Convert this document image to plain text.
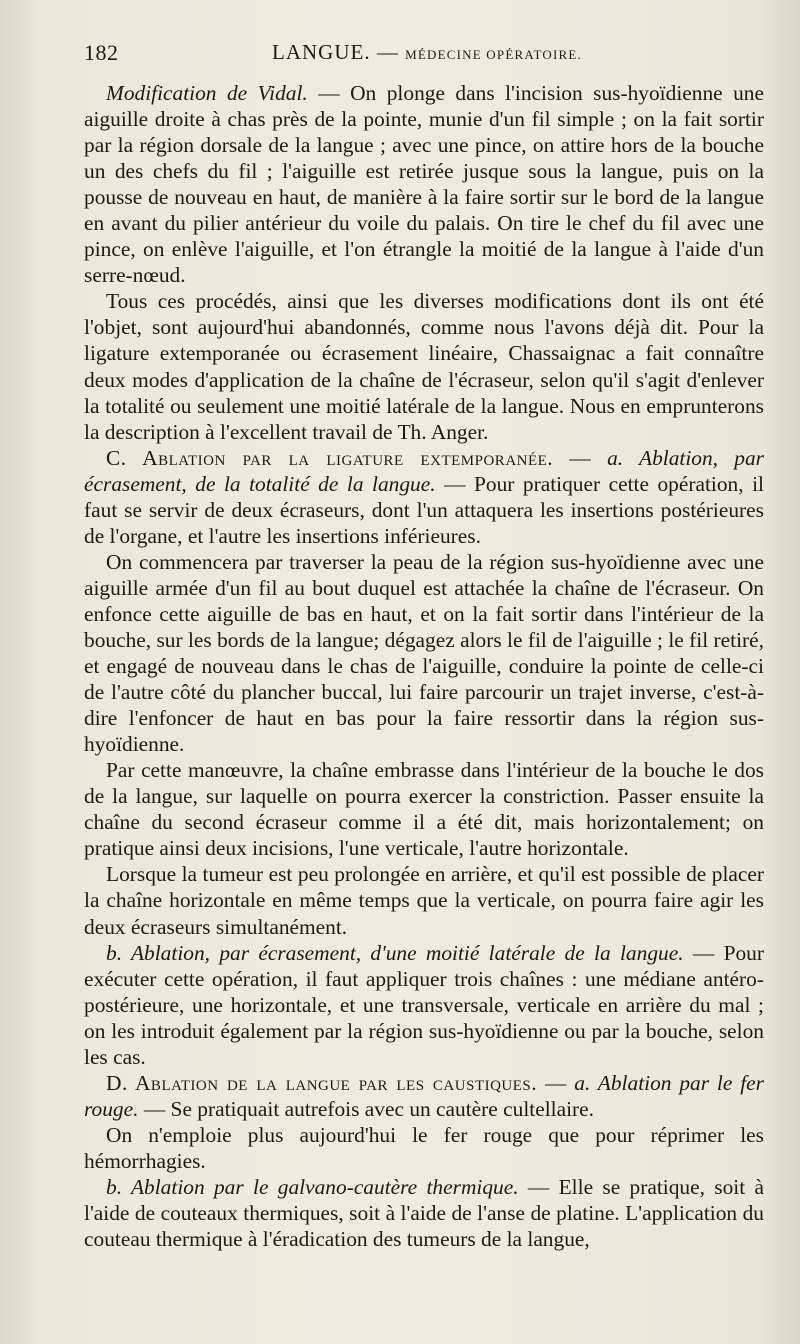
182	LANGUE. — MÉDECINE OPÉRATOIRE.

Modification de Vidal. — On plonge dans l'incision sus-hyoïdienne une aiguille droite à chas près de la pointe, munie d'un fil simple ; on la fait sortir par la région dorsale de la langue ; avec une pince, on attire hors de la bouche un des chefs du fil ; l'aiguille est retirée jusque sous la langue, puis on la pousse de nouveau en haut, de manière à la faire sortir sur le bord de la langue en avant du pilier antérieur du voile du palais. On tire le chef du fil avec une pince, on enlève l'aiguille, et l'on étrangle la moitié de la langue à l'aide d'un serre-nœud.

Tous ces procédés, ainsi que les diverses modifications dont ils ont été l'objet, sont aujourd'hui abandonnés, comme nous l'avons déjà dit. Pour la ligature extemporanée ou écrasement linéaire, Chassaignac a fait connaître deux modes d'application de la chaîne de l'écraseur, selon qu'il s'agit d'enlever la totalité ou seulement une moitié latérale de la langue. Nous en emprunterons la description à l'excellent travail de Th. Anger.

C. Ablation par la ligature extemporanée. — a. Ablation, par écrasement, de la totalité de la langue. — Pour pratiquer cette opération, il faut se servir de deux écraseurs, dont l'un attaquera les insertions postérieures de l'organe, et l'autre les insertions inférieures.

On commencera par traverser la peau de la région sus-hyoïdienne avec une aiguille armée d'un fil au bout duquel est attachée la chaîne de l'écraseur. On enfonce cette aiguille de bas en haut, et on la fait sortir dans l'intérieur de la bouche, sur les bords de la langue; dégagez alors le fil de l'aiguille ; le fil retiré, et engagé de nouveau dans le chas de l'aiguille, conduire la pointe de celle-ci de l'autre côté du plancher buccal, lui faire parcourir un trajet inverse, c'est-à-dire l'enfoncer de haut en bas pour la faire ressortir dans la région sus-hyoïdienne.

Par cette manœuvre, la chaîne embrasse dans l'intérieur de la bouche le dos de la langue, sur laquelle on pourra exercer la constriction. Passer ensuite la chaîne du second écraseur comme il a été dit, mais horizontalement; on pratique ainsi deux incisions, l'une verticale, l'autre horizontale.

Lorsque la tumeur est peu prolongée en arrière, et qu'il est possible de placer la chaîne horizontale en même temps que la verticale, on pourra faire agir les deux écraseurs simultanément.

b. Ablation, par écrasement, d'une moitié latérale de la langue. — Pour exécuter cette opération, il faut appliquer trois chaînes : une médiane antéro-postérieure, une horizontale, et une transversale, verticale en arrière du mal ; on les introduit également par la région sus-hyoïdienne ou par la bouche, selon les cas.

D. Ablation de la langue par les caustiques. — a. Ablation par le fer rouge. — Se pratiquait autrefois avec un cautère cultellaire.

On n'emploie plus aujourd'hui le fer rouge que pour réprimer les hémorrhagies.

b. Ablation par le galvano-cautère thermique. — Elle se pratique, soit à l'aide de couteaux thermiques, soit à l'aide de l'anse de platine. L'application du couteau thermique à l'éradication des tumeurs de la langue,
